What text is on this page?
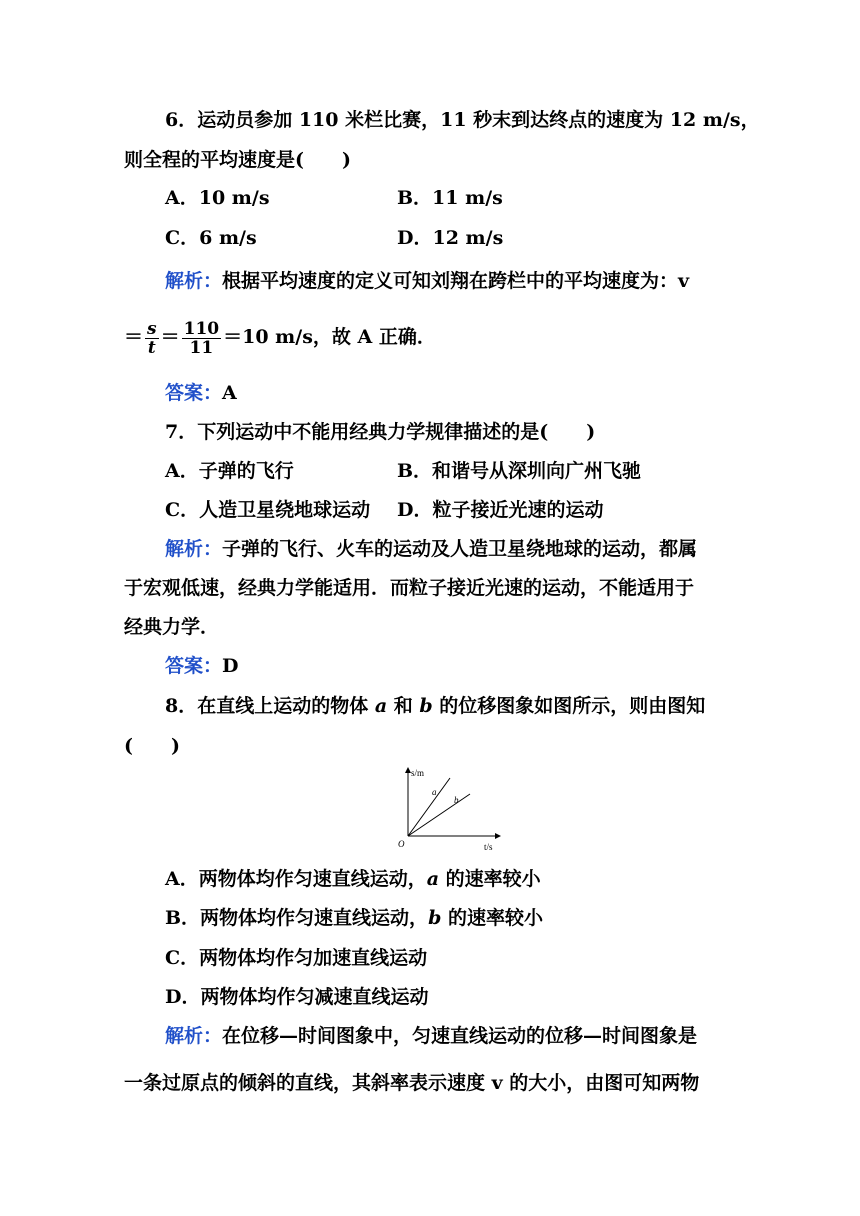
6．运动员参加 110 米栏比赛，11 秒末到达终点的速度为 12 m/s，
则全程的平均速度是(　　)
A．10 m/s	B．11 m/s
C．6 m/s	D．12 m/s
解析：根据平均速度的定义可知刘翔在跨栏中的平均速度为：v
＝ $\frac{s}{t} = \frac{110}{11} =10$ m/s，故 A 正确．
答案：A
7．下列运动中不能用经典力学规律描述的是(　　)
A．子弹的飞行	B．和谐号从深圳向广州飞驰
C．人造卫星绕地球运动 D．粒子接近光速的运动
解析：子弹的飞行、火车的运动及人造卫星绕地球的运动，都属
于宏观低速，经典力学能适用．而粒子接近光速的运动，不能适用于
经典力学．
答案：D
8．在直线上运动的物体 a 和 b 的位移图象如图所示，则由图知
(　　)
s/m
t/s
O
a
b
A．两物体均作匀速直线运动，a 的速率较小
B．两物体均作匀速直线运动，b 的速率较小
C．两物体均作匀加速直线运动
D．两物体均作匀减速直线运动
解析：在位移—时间图象中，匀速直线运动的位移—时间图象是
一条过原点的倾斜的直线，其斜率表示速度 v 的大小，由图可知两物
